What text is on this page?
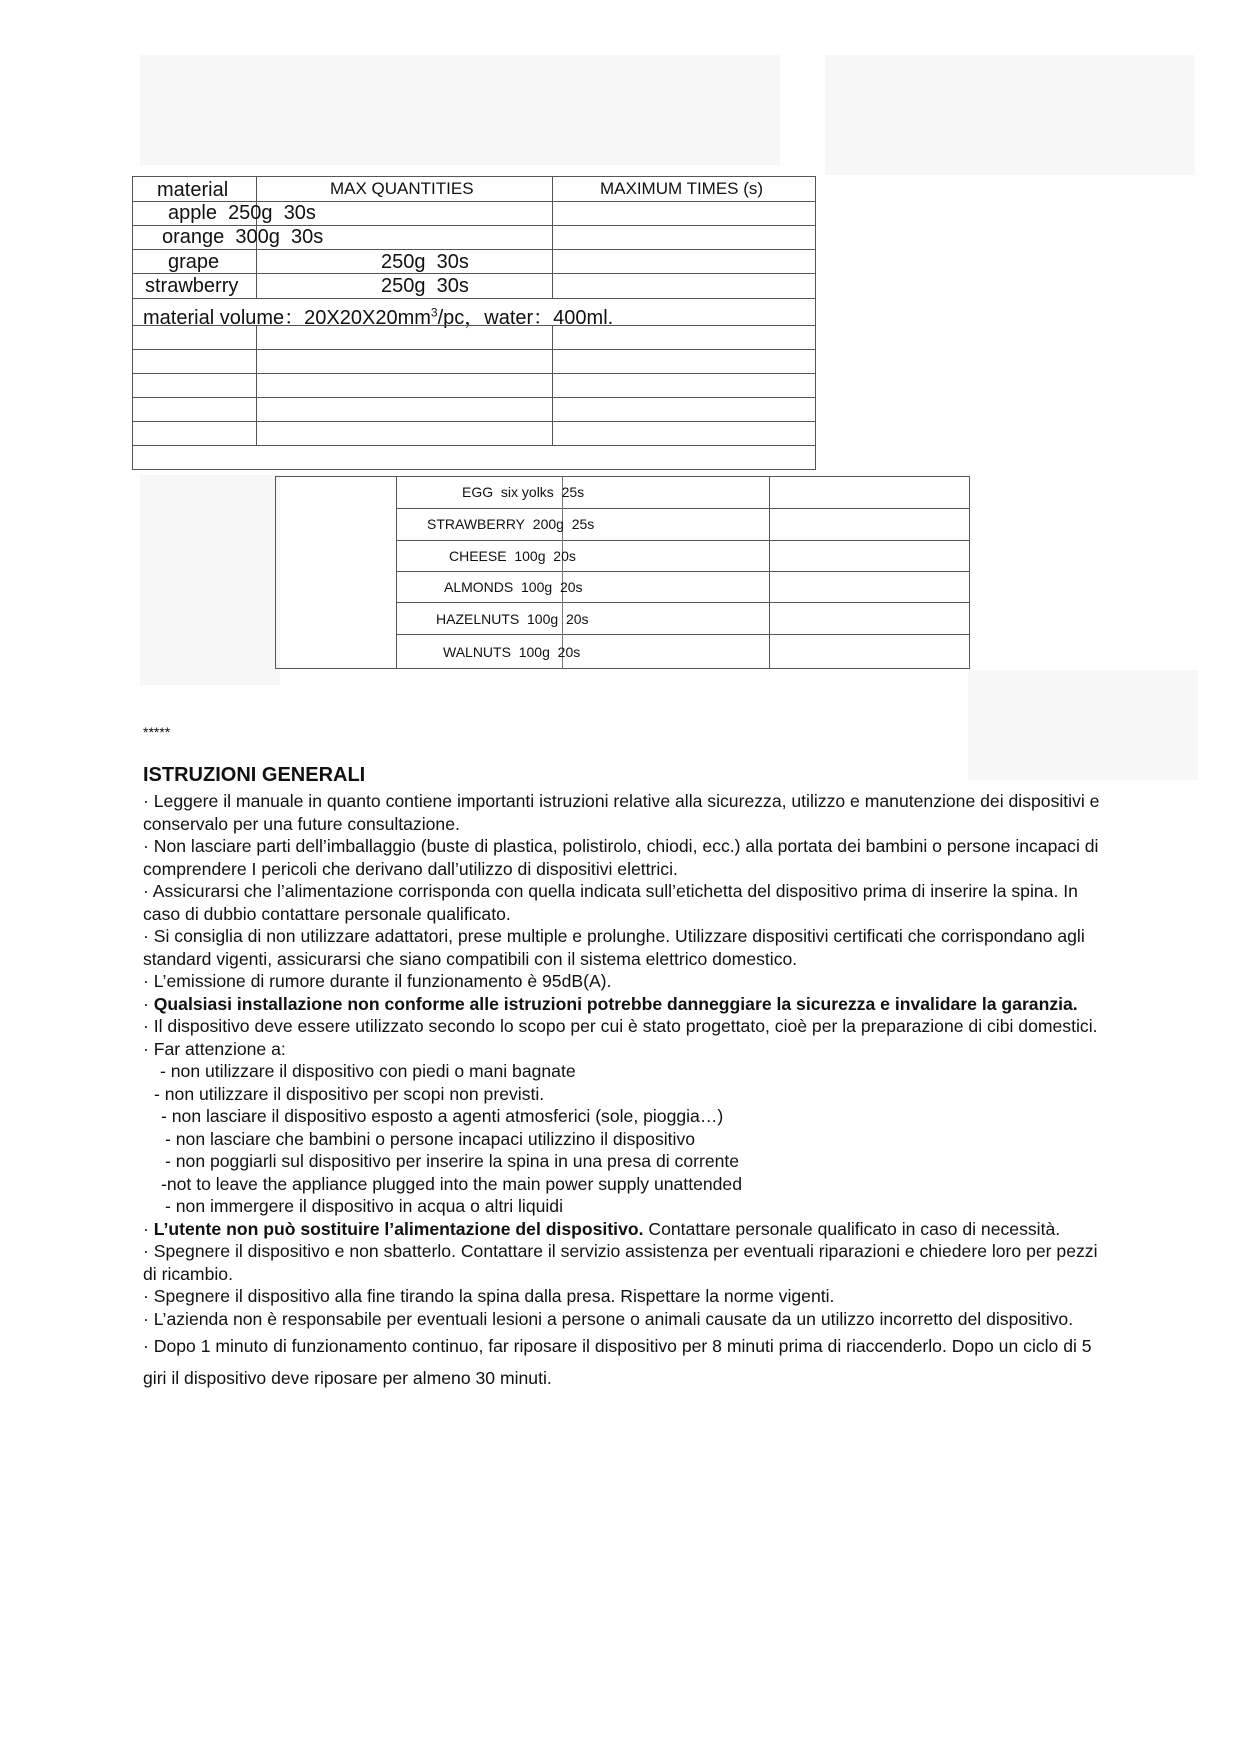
material	MAX QUANTITIES	MAXIMUM TIMES (s)
apple 250g 30s
orange 300g 30s
grape	250g 30s
strawberry	250g 30s
material volume：$20X20X20mm^3/pc$，water：400ml.
EGG six yolks 25s
STRAWBERRY 200g 25s
CHEESE 100g 20s
ALMONDS 100g 20s
HAZELNUTS 100g 20s
WALNUTS 100g 20s
*****
ISTRUZIONI GENERALI

· Leggere il manuale in quanto contiene importanti istruzioni relative alla sicurezza, utilizzo e manutenzione dei dispositivi e conservalo per una future consultazione.

· Non lasciare parti dell’imballaggio (buste di plastica, polistirolo, chiodi, ecc.) alla portata dei bambini o persone incapaci di comprendere I pericoli che derivano dall’utilizzo di dispositivi elettrici.

· Assicurarsi che l’alimentazione corrisponda con quella indicata sull’etichetta del dispositivo prima di inserire la spina. In caso di dubbio contattare personale qualificato.

· Si consiglia di non utilizzare adattatori, prese multiple e prolunghe. Utilizzare dispositivi certificati che corrispondano agli standard vigenti, assicurarsi che siano compatibili con il sistema elettrico domestico.

· L’emissione di rumore durante il funzionamento è 95dB(A).

· Qualsiasi installazione non conforme alle istruzioni potrebbe danneggiare la sicurezza e invalidare la garanzia.

· Il dispositivo deve essere utilizzato secondo lo scopo per cui è stato progettato, cioè per la preparazione di cibi domestici.

· Far attenzione a:

- non utilizzare il dispositivo con piedi o mani bagnate

- non utilizzare il dispositivo per scopi non previsti.

- non lasciare il dispositivo esposto a agenti atmosferici (sole, pioggia…)

- non lasciare che bambini o persone incapaci utilizzino il dispositivo

- non poggiarli sul dispositivo per inserire la spina in una presa di corrente

-not to leave the appliance plugged into the main power supply unattended

- non immergere il dispositivo in acqua o altri liquidi

· L’utente non può sostituire l’alimentazione del dispositivo. Contattare personale qualificato in caso di necessità.

· Spegnere il dispositivo e non sbatterlo. Contattare il servizio assistenza per eventuali riparazioni e chiedere loro per pezzi di ricambio.

· Spegnere il dispositivo alla fine tirando la spina dalla presa. Rispettare la norme vigenti.

· L’azienda non è responsabile per eventuali lesioni a persone o animali causate da un utilizzo incorretto del dispositivo.

· Dopo 1 minuto di funzionamento continuo, far riposare il dispositivo per 8 minuti prima di riaccenderlo. Dopo un ciclo di 5 giri il dispositivo deve riposare per almeno 30 minuti.
